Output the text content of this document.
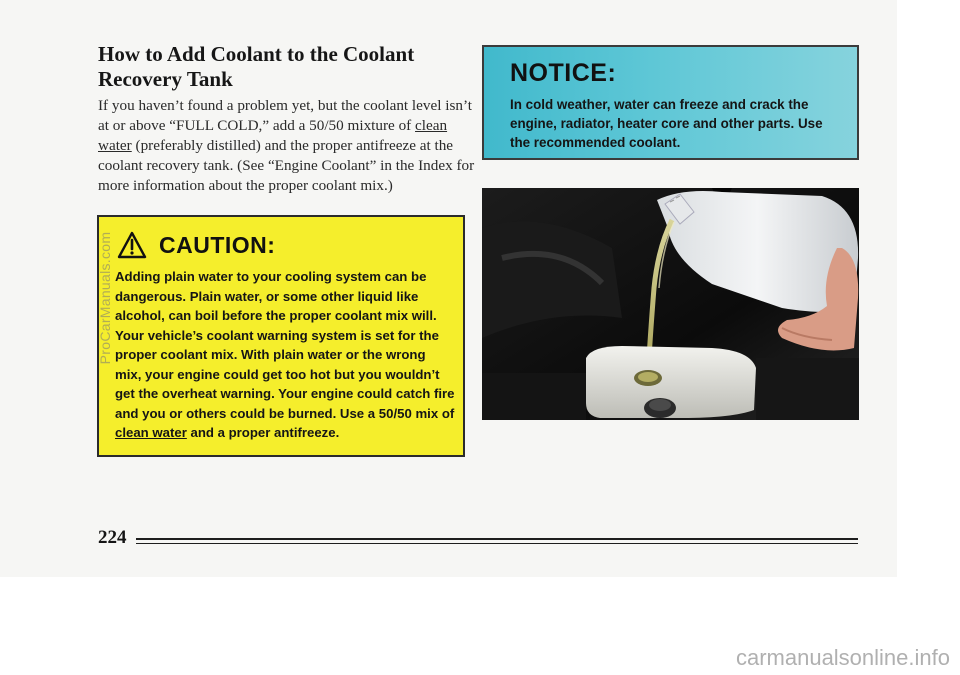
How to Add Coolant to the Coolant Recovery Tank

If you haven’t found a problem yet, but the coolant level isn’t at or above “FULL COLD,” add a 50/50 mixture of clean water (preferably distilled) and the proper antifreeze at the coolant recovery tank. (See “Engine Coolant” in the Index for more information about the proper coolant mix.)

NOTICE:

In cold weather, water can freeze and crack the engine, radiator, heater core and other parts. Use the recommended coolant.

CAUTION:

Adding plain water to your cooling system can be dangerous. Plain water, or some other liquid like alcohol, can boil before the proper coolant mix will. Your vehicle’s coolant warning system is set for the proper coolant mix. With plain water or the wrong mix, your engine could get too hot but you wouldn’t get the overheat warning. Your engine could catch fire and you or others could be burned. Use a 50/50 mix of clean water and a proper antifreeze.

224
ProCarManuals.com
carmanualsonline.info
